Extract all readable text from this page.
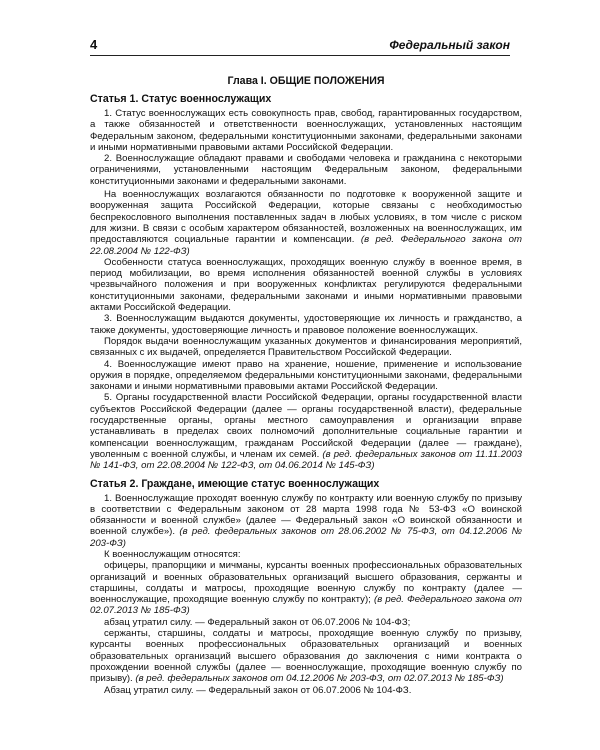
4	Федеральный закон
Глава I. ОБЩИЕ ПОЛОЖЕНИЯ
Статья 1. Статус военнослужащих

1. Статус военнослужащих есть совокупность прав, свобод, гарантированных государством, а также обязанностей и ответственности военнослужащих, установленных настоящим Федеральным законом, федеральными конституционными законами, федеральными законами и иными нормативными правовыми актами Российской Федерации.

2. Военнослужащие обладают правами и свободами человека и гражданина с некоторыми ограничениями, установленными настоящим Федеральным законом, федеральными конституционными законами и федеральными законами.

На военнослужащих возлагаются обязанности по подготовке к вооруженной защите и вооруженная защита Российской Федерации, которые связаны с необходимостью беспрекословного выполнения поставленных задач в любых условиях, в том числе с риском для жизни. В связи с особым характером обязанностей, возложенных на военнослужащих, им предоставляются социальные гарантии и компенсации. (в ред. Федерального закона от 22.08.2004 № 122-ФЗ)

Особенности статуса военнослужащих, проходящих военную службу в военное время, в период мобилизации, во время исполнения обязанностей военной службы в условиях чрезвычайного положения и при вооруженных конфликтах регулируются федеральными конституционными законами, федеральными законами и иными нормативными правовыми актами Российской Федерации.

3. Военнослужащим выдаются документы, удостоверяющие их личность и гражданство, а также документы, удостоверяющие личность и правовое положение военнослужащих.

Порядок выдачи военнослужащим указанных документов и финансирования мероприятий, связанных с их выдачей, определяется Правительством Российской Федерации.

4. Военнослужащие имеют право на хранение, ношение, применение и использование оружия в порядке, определяемом федеральными конституционными законами, федеральными законами и иными нормативными правовыми актами Российской Федерации.

5. Органы государственной власти Российской Федерации, органы государственной власти субъектов Российской Федерации (далее — органы государственной власти), федеральные государственные органы, органы местного самоуправления и организации вправе устанавливать в пределах своих полномочий дополнительные социальные гарантии и компенсации военнослужащим, гражданам Российской Федерации (далее — граждане), уволенным с военной службы, и членам их семей. (в ред. федеральных законов от 11.11.2003 № 141-ФЗ, от 22.08.2004 № 122-ФЗ, от 04.06.2014 № 145-ФЗ)

Статья 2. Граждане, имеющие статус военнослужащих

1. Военнослужащие проходят военную службу по контракту или военную службу по призыву в соответствии с Федеральным законом от 28 марта 1998 года № 53-ФЗ «О воинской обязанности и военной службе» (далее — Федеральный закон «О воинской обязанности и военной службе»). (в ред. федеральных законов от 28.06.2002 № 75-ФЗ, от 04.12.2006 № 203-ФЗ)

К военнослужащим относятся:

офицеры, прапорщики и мичманы, курсанты военных профессиональных образовательных организаций и военных образовательных организаций высшего образования, сержанты и старшины, солдаты и матросы, проходящие военную службу по контракту (далее — военнослужащие, проходящие военную службу по контракту); (в ред. Федерального закона от 02.07.2013 № 185-ФЗ)

абзац утратил силу. — Федеральный закон от 06.07.2006 № 104-ФЗ;

сержанты, старшины, солдаты и матросы, проходящие военную службу по призыву, курсанты военных профессиональных образовательных организаций и военных образовательных организаций высшего образования до заключения с ними контракта о прохождении военной службы (далее — военнослужащие, проходящие военную службу по призыву). (в ред. федеральных законов от 04.12.2006 № 203-ФЗ, от 02.07.2013 № 185-ФЗ)

Абзац утратил силу. — Федеральный закон от 06.07.2006 № 104-ФЗ.
